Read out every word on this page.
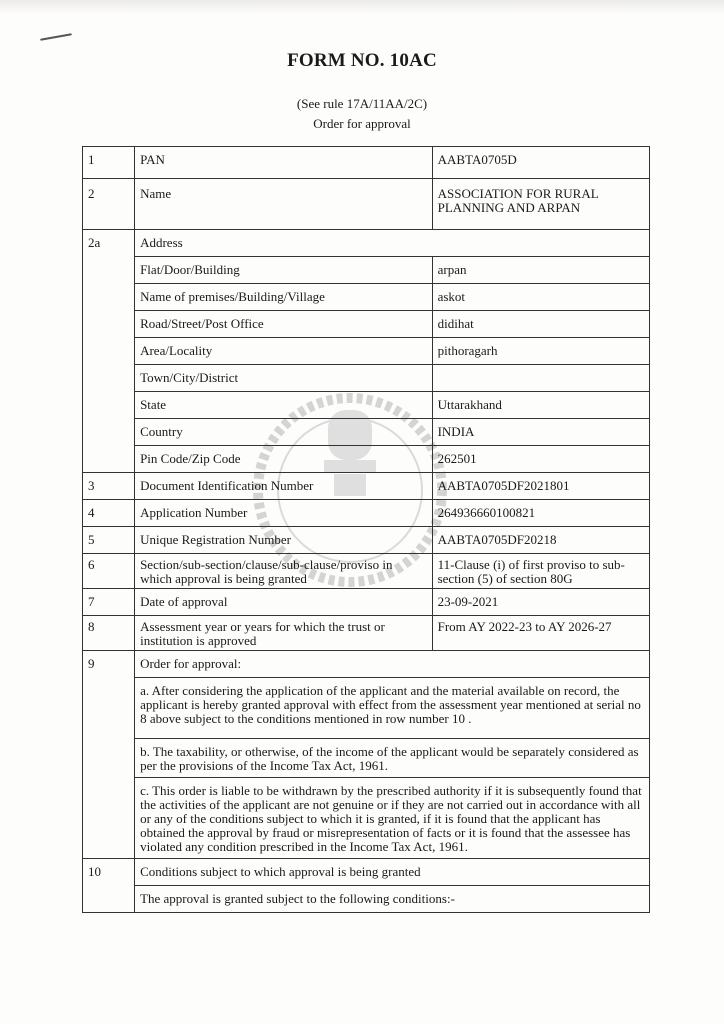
FORM NO. 10AC
(See rule 17A/11AA/2C)
Order for approval
1	PAN	AABTA0705D
2	Name	ASSOCIATION FOR RURAL PLANNING AND ARPAN
2a	Address	
	Flat/Door/Building	arpan
	Name of premises/Building/Village	askot
	Road/Street/Post Office	didihat
	Area/Locality	pithoragarh
	Town/City/District	
	State	Uttarakhand
	Country	INDIA
	Pin Code/Zip Code	262501
3	Document Identification Number	AABTA0705DF2021801
4	Application Number	264936660100821
5	Unique Registration Number	AABTA0705DF20218
6	Section/sub-section/clause/sub-clause/proviso in which approval is being granted	11-Clause (i) of first proviso to sub-section (5) of section 80G
7	Date of approval	23-09-2021
8	Assessment year or years for which the trust or institution is approved	From AY 2022-23 to AY 2026-27
9	Order for approval:	
	a. After considering the application of the applicant and the material available on record, the applicant is hereby granted approval with effect from the assessment year mentioned at serial no 8 above subject to the conditions mentioned in row number 10 .	
	b. The taxability, or otherwise, of the income of the applicant would be separately considered as per the provisions of the Income Tax Act, 1961.	
	c. This order is liable to be withdrawn by the prescribed authority if it is subsequently found that the activities of the applicant are not genuine or if they are not carried out in accordance with all or any of the conditions subject to which it is granted, if it is found that the applicant has obtained the approval by fraud or misrepresentation of facts or it is found that the assessee has violated any condition prescribed in the Income Tax Act, 1961.	
10	Conditions subject to which approval is being granted	
	The approval is granted subject to the following conditions:-	
